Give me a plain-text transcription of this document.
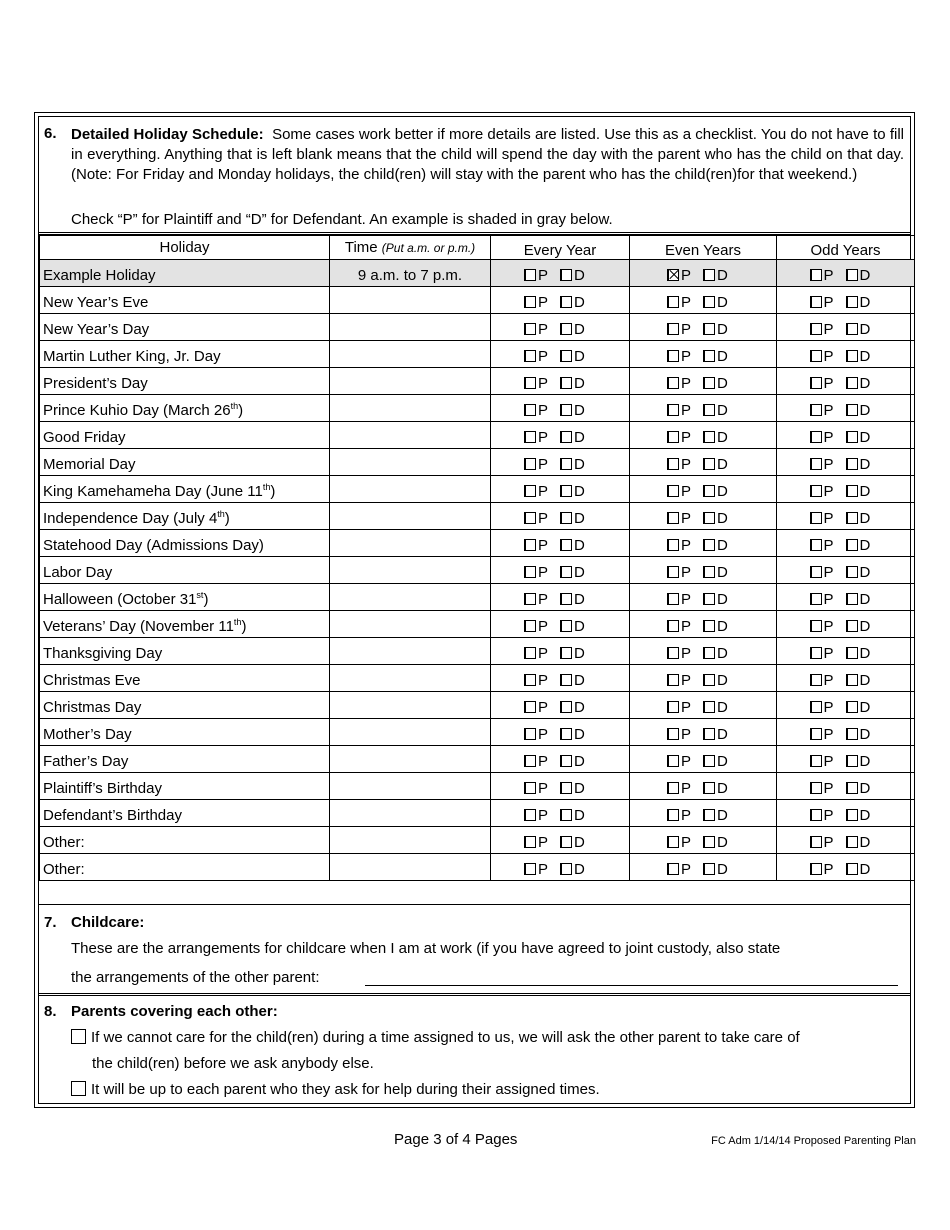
6. Detailed Holiday Schedule: Some cases work better if more details are listed. Use this as a checklist. You do not have to fill in everything. Anything that is left blank means that the child will spend the day with the parent who has the child on that day. (Note: For Friday and Monday holidays, the child(ren) will stay with the parent who has the child(ren)for that weekend.)
Check “P” for Plaintiff and “D” for Defendant. An example is shaded in gray below.
Holiday	Time (Put a.m. or p.m.)	Every Year	Even Years	Odd Years
Example Holiday	9 a.m. to 7 p.m.	P D	P D	P D

New Year’s Eve		P D	P D	P D

New Year’s Day		P D	P D	P D

Martin Luther King, Jr. Day		P D	P D	P D

President’s Day		P D	P D	P D

Prince Kuhio Day (March 26th)		P D	P D	P D

Good Friday		P D	P D	P D

Memorial Day		P D	P D	P D

King Kamehameha Day (June 11th)		P D	P D	P D

Independence Day (July 4th)		P D	P D	P D

Statehood Day (Admissions Day)		P D	P D	P D

Labor Day		P D	P D	P D

Halloween (October 31st)		P D	P D	P D

Veterans’ Day (November 11th)		P D	P D	P D

Thanksgiving Day		P D	P D	P D

Christmas Eve		P D	P D	P D

Christmas Day		P D	P D	P D

Mother’s Day		P D	P D	P D

Father’s Day		P D	P D	P D

Plaintiff’s Birthday		P D	P D	P D

Defendant’s Birthday		P D	P D	P D

Other:		P D	P D	P D

Other:		P D	P D	P D
7. Childcare:
These are the arrangements for childcare when I am at work (if you have agreed to joint custody, also state
the arrangements of the other parent:
8. Parents covering each other:
If we cannot care for the child(ren) during a time assigned to us, we will ask the other parent to take care of
the child(ren) before we ask anybody else.
It will be up to each parent who they ask for help during their assigned times.
Page 3 of 4 Pages	FC Adm 1/14/14 Proposed Parenting Plan
